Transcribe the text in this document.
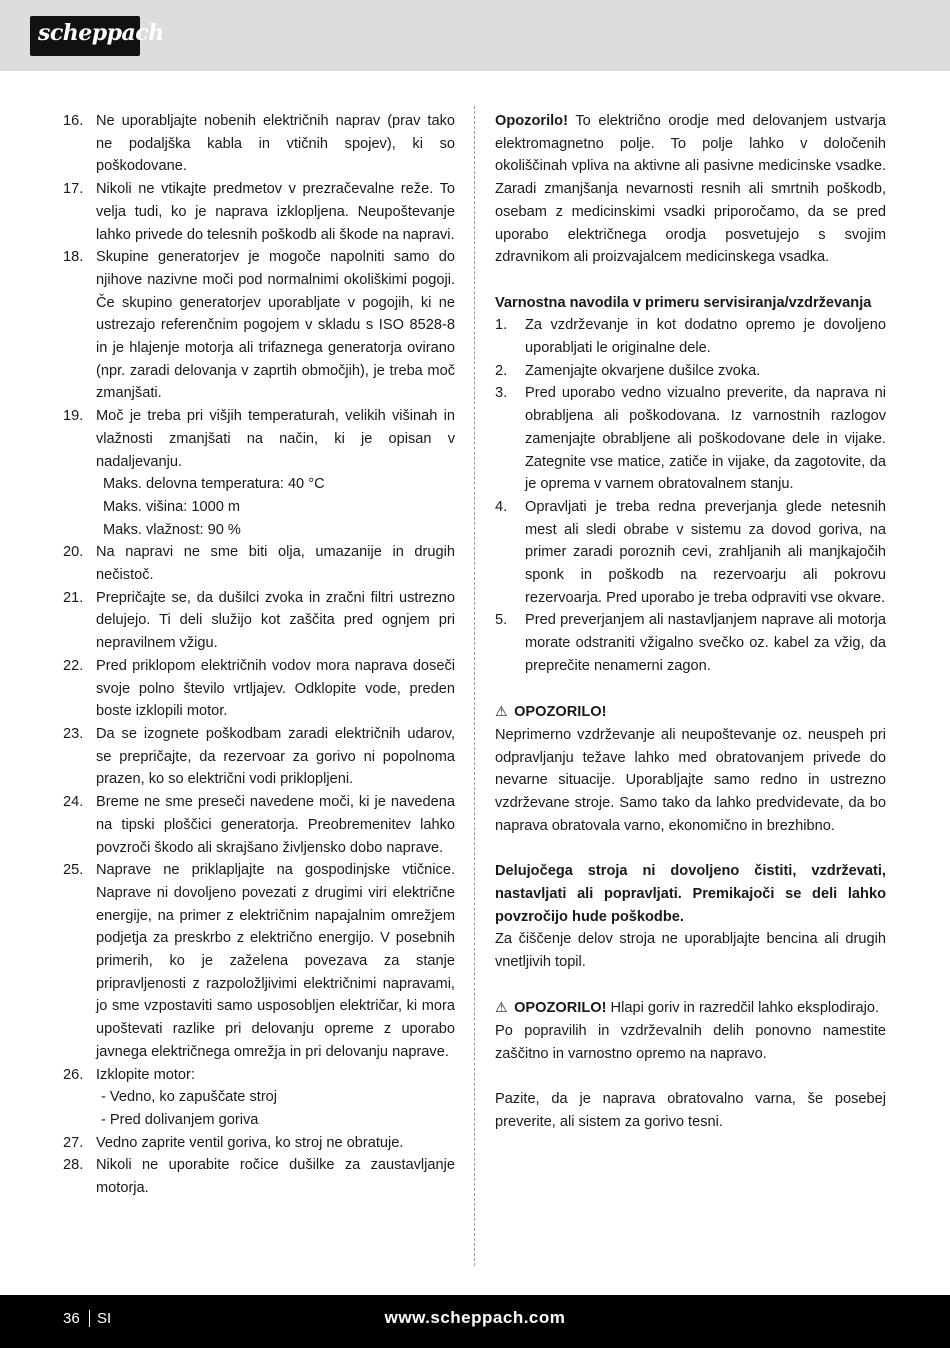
scheppach
16. Ne uporabljajte nobenih električnih naprav (prav tako ne podaljška kabla in vtičnih spojev), ki so poškodovane.
17. Nikoli ne vtikajte predmetov v prezračevalne reže. To velja tudi, ko je naprava izklopljena. Neupoštevanje lahko privede do telesnih poškodb ali škode na napravi.
18. Skupine generatorjev je mogoče napolniti samo do njihove nazivne moči pod normalnimi okoliškimi pogoji. Če skupino generatorjev uporabljate v pogojih, ki ne ustrezajo referenčnim pogojem v skladu s ISO 8528-8 in je hlajenje motorja ali trifaznega generatorja ovirano (npr. zaradi delovanja v zaprtih območjih), je treba moč zmanjšati.
19. Moč je treba pri višjih temperaturah, velikih višinah in vlažnosti zmanjšati na način, ki je opisan v nadaljevanju.
Maks. delovna temperatura: 40 °C
Maks. višina: 1000 m
Maks. vlažnost: 90 %
20. Na napravi ne sme biti olja, umazanije in drugih nečistoč.
21. Prepričajte se, da dušilci zvoka in zračni filtri ustrezno delujejo. Ti deli služijo kot zaščita pred ognjem pri nepravilnem vžigu.
22. Pred priklopom električnih vodov mora naprava doseči svoje polno število vrtljajev. Odklopite vode, preden boste izklopili motor.
23. Da se izognete poškodbam zaradi električnih udarov, se prepričajte, da rezervoar za gorivo ni popolnoma prazen, ko so električni vodi priklopljeni.
24. Breme ne sme preseči navedene moči, ki je navedena na tipski ploščici generatorja. Preobremenitev lahko povzroči škodo ali skrajšano življensko dobo naprave.
25. Naprave ne priklapljajte na gospodinjske vtičnice. Naprave ni dovoljeno povezati z drugimi viri električne energije, na primer z električnim napajalnim omrežjem podjetja za preskrbo z električno energijo. V posebnih primerih, ko je zaželena povezava za stanje pripravljenosti z razpoložljivimi električnimi napravami, jo sme vzpostaviti samo usposobljen električar, ki mora upoštevati razlike pri delovanju opreme z uporabo javnega električnega omrežja in pri delovanju naprave.
26. Izklopite motor:
- Vedno, ko zapuščate stroj
- Pred dolivanjem goriva
27. Vedno zaprite ventil goriva, ko stroj ne obratuje.
28. Nikoli ne uporabite ročice dušilke za zaustavljanje motorja.

Opozorilo! To električno orodje med delovanjem ustvarja elektromagnetno polje. To polje lahko v določenih okoliščinah vpliva na aktivne ali pasivne medicinske vsadke. Zaradi zmanjšanja nevarnosti resnih ali smrtnih poškodb, osebam z medicinskimi vsadki priporočamo, da se pred uporabo električnega orodja posvetujejo s svojim zdravnikom ali proizvajalcem medicinskega vsadka.

Varnostna navodila v primeru servisiranja/vzdrževanja

1.	Za vzdrževanje in kot dodatno opremo je dovoljeno uporabljati le originalne dele.
2.	Zamenjajte okvarjene dušilce zvoka.
3.	Pred uporabo vedno vizualno preverite, da naprava ni obrabljena ali poškodovana. Iz varnostnih razlogov zamenjajte obrabljene ali poškodovane dele in vijake. Zategnite vse matice, zatiče in vijake, da zagotovite, da je oprema v varnem obratovalnem stanju.
4.	Opravljati je treba redna preverjanja glede netesnih mest ali sledi obrabe v sistemu za dovod goriva, na primer zaradi poroznih cevi, zrahljanih ali manjkajočih sponk in poškodb na rezervoarju ali pokrovu rezervoarja. Pred uporabo je treba odpraviti vse okvare.
5.	Pred preverjanjem ali nastavljanjem naprave ali motorja morate odstraniti vžigalno svečko oz. kabel za vžig, da preprečite nenamerni zagon.

⚠ OPOZORILO!

Neprimerno vzdrževanje ali neupoštevanje oz. neuspeh pri odpravljanju težave lahko med obratovanjem privede do nevarne situacije. Uporabljajte samo redno in ustrezno vzdrževane stroje. Samo tako da lahko predvidevate, da bo naprava obratovala varno, ekonomično in brezhibno.

Delujočega stroja ni dovoljeno čistiti, vzdrževati, nastavljati ali popravljati. Premikajoči se deli lahko povzročijo hude poškodbe.

Za čiščenje delov stroja ne uporabljajte bencina ali drugih vnetljivih topil.

⚠ OPOZORILO! Hlapi goriv in razredčil lahko eksplodirajo.

Po popravilih in vzdrževalnih delih ponovno namestite zaščitno in varnostno opremo na napravo.

Pazite, da je naprava obratovalno varna, še posebej preverite, ali sistem za gorivo tesni.

36 SI	www.scheppach.com
